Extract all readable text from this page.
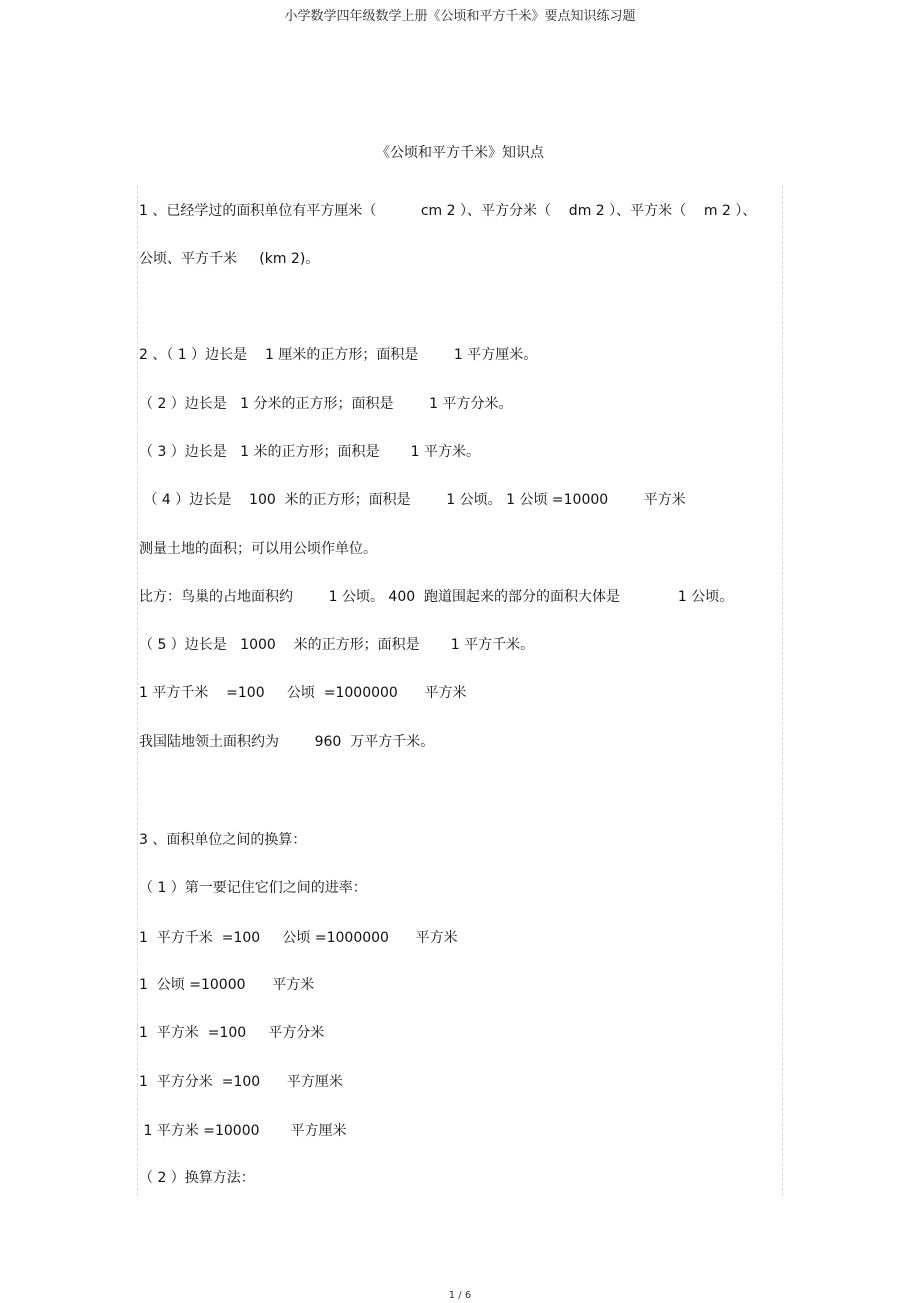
小学数学四年级数学上册《公顷和平方千米》要点知识练习题
《公顷和平方千米》知识点
1 、已经学过的面积单位有平方厘米（          cm 2 ）、平方分米（    dm 2 ）、平方米（    m 2 ）、
公顷、平方千米     (km 2)。
2 、（ 1 ）边长是    1 厘米的正方形；面积是        1 平方厘米。
（ 2 ）边长是   1 分米的正方形；面积是        1 平方分米。
（ 3 ）边长是   1 米的正方形；面积是       1 平方米。
（ 4 ）边长是    100  米的正方形；面积是        1 公顷。 1 公顷 =10000        平方米
测量土地的面积；可以用公顷作单位。
比方：鸟巢的占地面积约        1 公顷。 400  跑道围起来的部分的面积大体是             1 公顷。
（ 5 ）边长是   1000    米的正方形；面积是       1 平方千米。
1 平方千米    =100     公顷  =1000000      平方米
我国陆地领土面积约为        960  万平方千米。
3 、面积单位之间的换算：
（ 1 ）第一要记住它们之间的进率：
1  平方千米  =100     公顷 =1000000      平方米
1  公顷 =10000      平方米
1  平方米  =100     平方分米
1  平方分米  =100      平方厘米
1 平方米 =10000       平方厘米
（ 2 ）换算方法：
1 / 6
